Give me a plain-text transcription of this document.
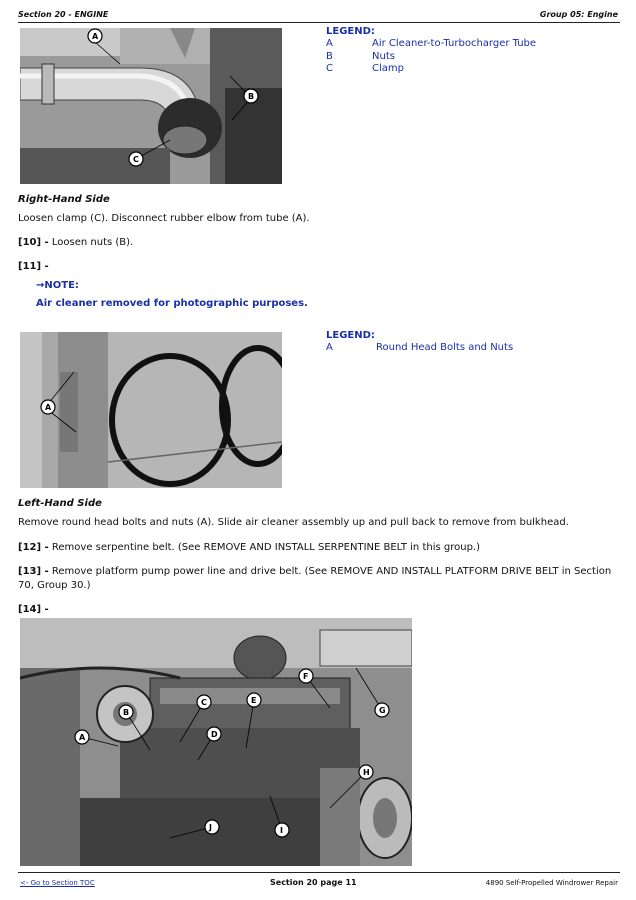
Section 20 - ENGINE	Group 05: Engine
A
B
C
LEGEND:
A	Air Cleaner-to-Turbocharger Tube
B	Nuts
C	Clamp
Right-Hand Side
Loosen clamp (C). Disconnect rubber elbow from tube (A).
[10] - Loosen nuts (B).
[11] -
→NOTE:
Air cleaner removed for photographic purposes.
A
LEGEND:
A	Round Head Bolts and Nuts
Left-Hand Side
Remove round head bolts and nuts (A). Slide air cleaner assembly up and pull back to remove from bulkhead.
[12] - Remove serpentine belt. (See REMOVE AND INSTALL SERPENTINE BELT in this group.)
[13] - Remove platform pump power line and drive belt. (See REMOVE AND INSTALL PLATFORM DRIVE BELT in Section 70, Group 30.)
[14] -
A
B
C
D
E
F
G
H
I
J
<- Go to Section TOC	Section 20 page 11	4890 Self-Propelled Windrower Repair
